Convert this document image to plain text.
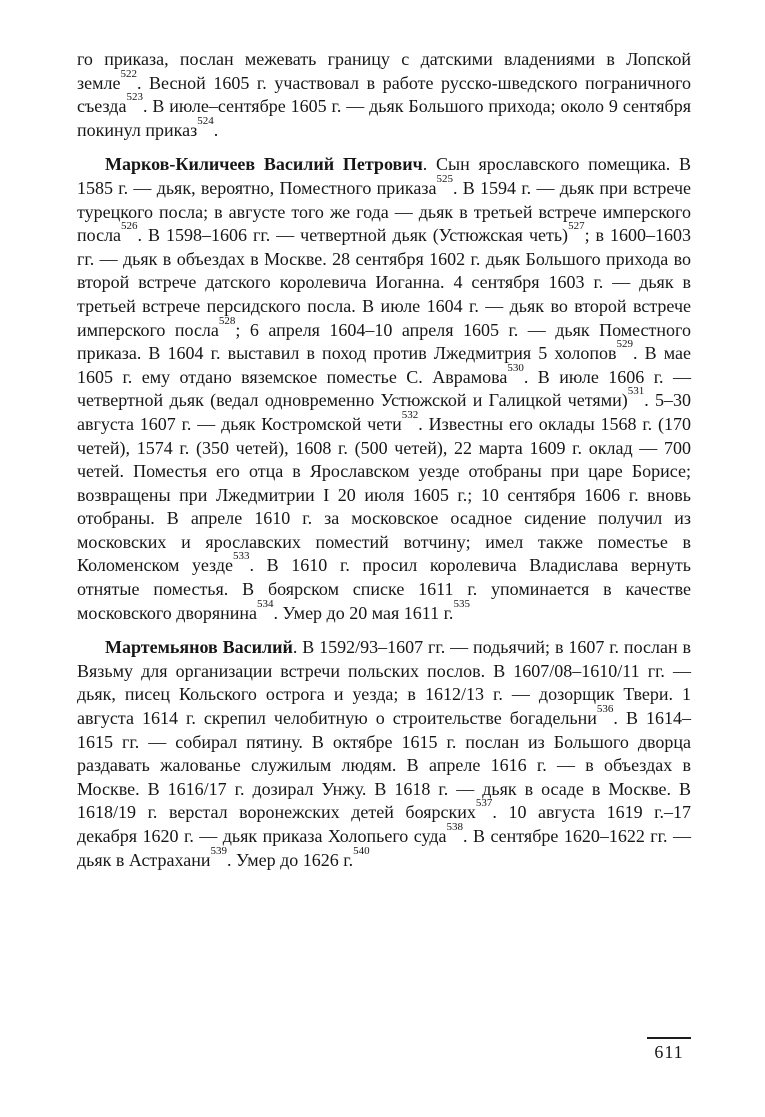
го приказа, послан межевать границу с датскими владениями в Лопской земле$^{522}$. Весной 1605 г. участвовал в работе русско-шведского пограничного съезда$^{523}$. В июле–сентябре 1605 г. — дьяк Большого прихода; около 9 сентября покинул приказ$^{524}$.

Марков-Киличеев Василий Петрович. Сын ярославского помещика. В 1585 г. — дьяк, вероятно, Поместного приказа$^{525}$. В 1594 г. — дьяк при встрече турецкого посла; в августе того же года — дьяк в третьей встрече имперского посла$^{526}$. В 1598–1606 гг. — четвертной дьяк (Устюжская четь)$^{527}$; в 1600–1603 гг. — дьяк в объездах в Москве. 28 сентября 1602 г. дьяк Большого прихода во второй встрече датского королевича Иоганна. 4 сентября 1603 г. — дьяк в третьей встрече персидского посла. В июле 1604 г. — дьяк во второй встрече имперского посла$^{528}$; 6 апреля 1604–10 апреля 1605 г. — дьяк Поместного приказа. В 1604 г. выставил в поход против Лжедмитрия 5 холопов$^{529}$. В мае 1605 г. ему отдано вяземское поместье С. Аврамова$^{530}$. В июле 1606 г. — четвертной дьяк (ведал одновременно Устюжской и Галицкой четями)$^{531}$. 5–30 августа 1607 г. — дьяк Костромской чети$^{532}$. Известны его оклады 1568 г. (170 четей), 1574 г. (350 четей), 1608 г. (500 четей), 22 марта 1609 г. оклад — 700 четей. Поместья его отца в Ярославском уезде отобраны при царе Борисе; возвращены при Лжедмитрии I 20 июля 1605 г.; 10 сентября 1606 г. вновь отобраны. В апреле 1610 г. за московское осадное сидение получил из московских и ярославских поместий вотчину; имел также поместье в Коломенском уезде$^{533}$. В 1610 г. просил королевича Владислава вернуть отнятые поместья. В боярском списке 1611 г. упоминается в качестве московского дворянина$^{534}$. Умер до 20 мая 1611 г.$^{535}$

Мартемьянов Василий. В 1592/93–1607 гг. — подьячий; в 1607 г. послан в Вязьму для организации встречи польских послов. В 1607/08–1610/11 гг. — дьяк, писец Кольского острога и уезда; в 1612/13 г. — дозорщик Твери. 1 августа 1614 г. скрепил челобитную о строительстве богадельни$^{536}$. В 1614–1615 гг. — собирал пятину. В октябре 1615 г. послан из Большого дворца раздавать жалованье служилым людям. В апреле 1616 г. — в объездах в Москве. В 1616/17 г. дозирал Унжу. В 1618 г. — дьяк в осаде в Москве. В 1618/19 г. верстал воронежских детей боярских$^{537}$. 10 августа 1619 г.–17 декабря 1620 г. — дьяк приказа Холопьего суда$^{538}$. В сентябре 1620–1622 гг. — дьяк в Астрахани$^{539}$. Умер до 1626 г.$^{540}$

611
